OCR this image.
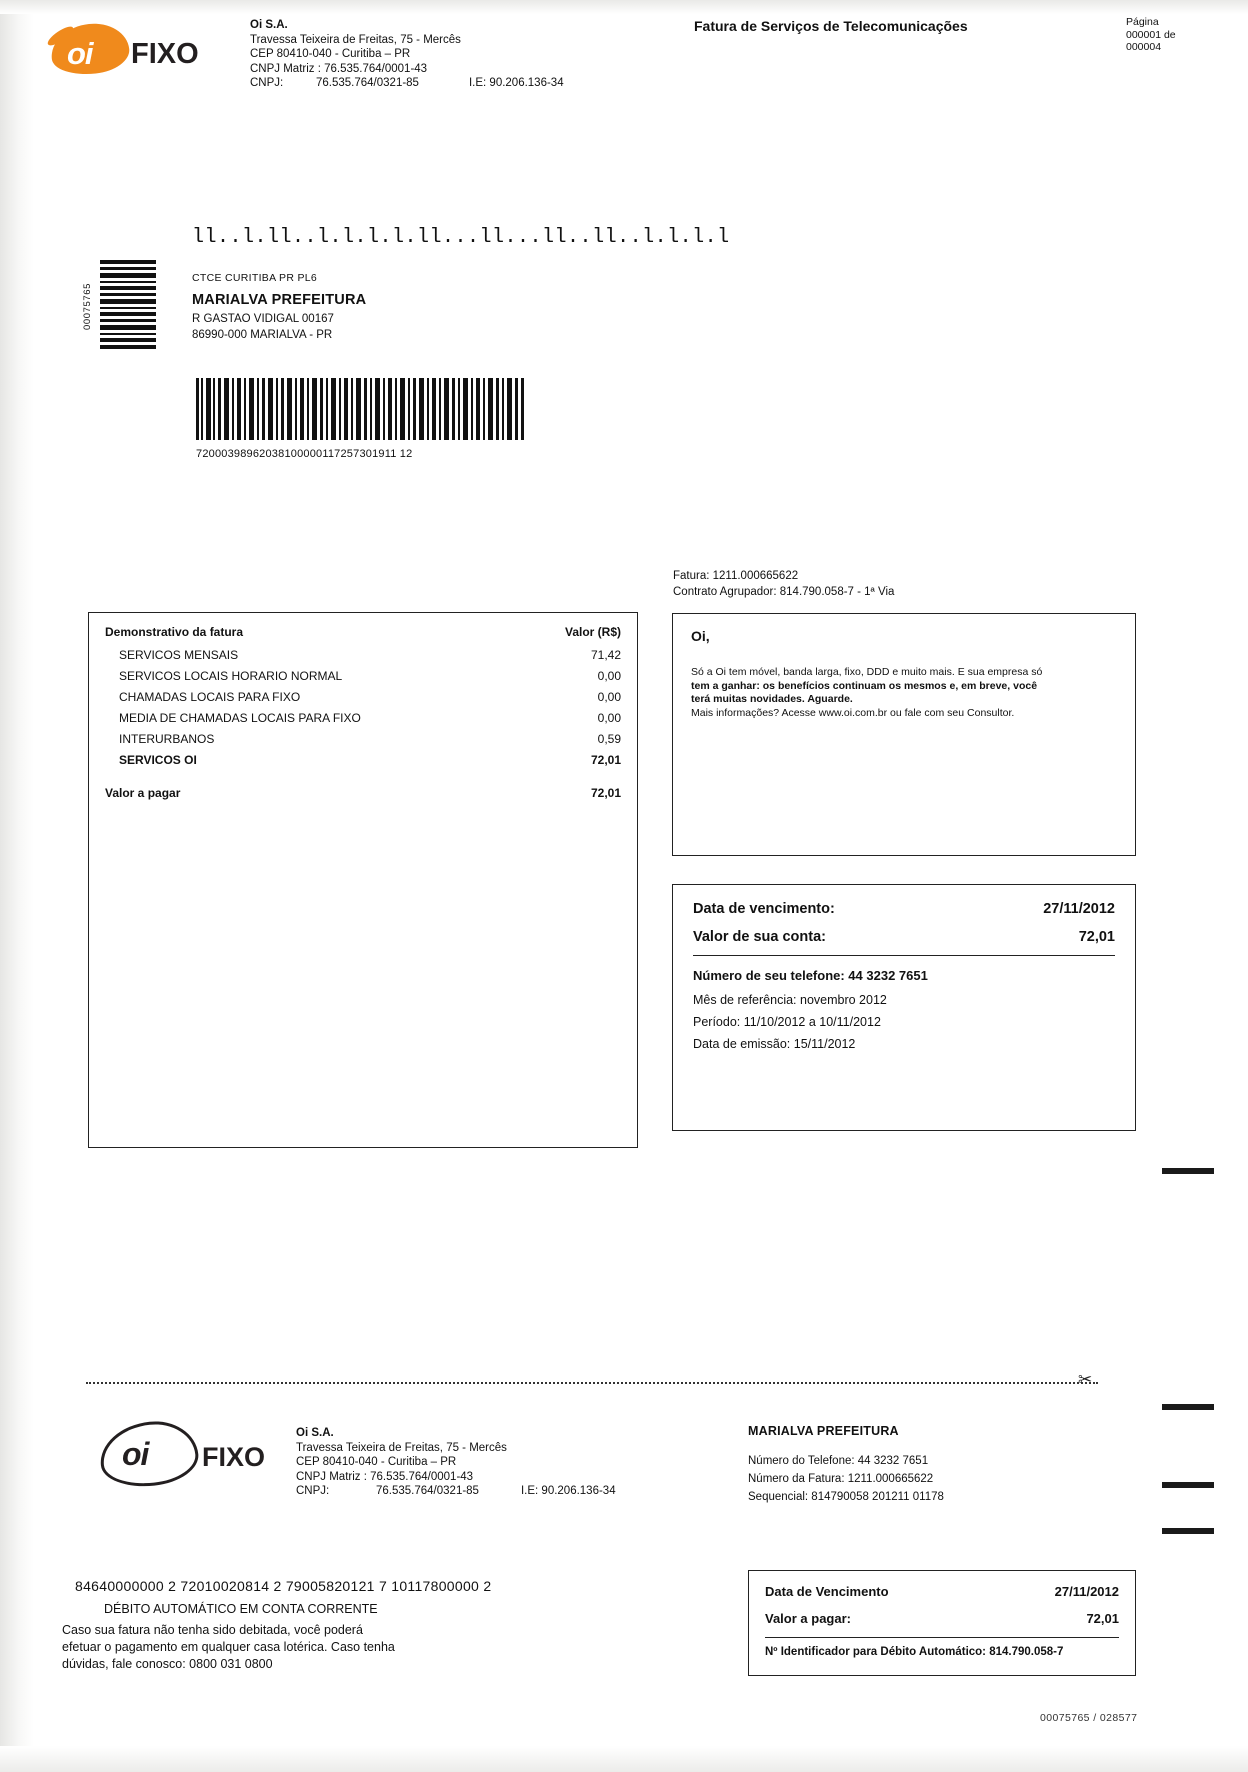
oi FIXO
Oi S.A.
Travessa Teixeira de Freitas, 75 - Mercês
CEP 80410-040 - Curitiba – PR
CNPJ Matriz : 76.535.764/0001-43
CNPJ:	76.535.764/0321-85	I.E: 90.206.136-34
Fatura de Serviços de Telecomunicações	Página
000001 de
000004
ll..l.ll..l.l.l.l.ll...ll...ll..ll..l.l.l.l
CTCE CURITIBA PR PL6
MARIALVA PREFEITURA
R GASTAO VIDIGAL 00167
86990-000 MARIALVA - PR
00075765
72000398962038100000117257301911 12
Fatura: 1211.000665622
Contrato Agrupador: 814.790.058-7 - 1ª Via
Demonstrativo da fatura	Valor (R$)
SERVICOS MENSAIS	71,42
SERVICOS LOCAIS HORARIO NORMAL	0,00
CHAMADAS LOCAIS PARA FIXO	0,00
MEDIA DE CHAMADAS LOCAIS PARA FIXO	0,00
INTERURBANOS	0,59
SERVICOS OI	72,01
Valor a pagar	72,01
Oi,
Só a Oi tem móvel, banda larga, fixo, DDD e muito mais. E sua empresa só
tem a ganhar: os benefícios continuam os mesmos e, em breve, você
terá muitas novidades. Aguarde.
Mais informações? Acesse www.oi.com.br ou fale com seu Consultor.
Data de vencimento:	27/11/2012
Valor de sua conta:	72,01
Número de seu telefone: 44 3232 7651
Mês de referência: novembro 2012
Período: 11/10/2012 a 10/11/2012
Data de emissão: 15/11/2012
✂
oi FIXO
Oi S.A.
Travessa Teixeira de Freitas, 75 - Mercês
CEP 80410-040 - Curitiba – PR
CNPJ Matriz : 76.535.764/0001-43
CNPJ:	76.535.764/0321-85	I.E: 90.206.136-34
MARIALVA PREFEITURA
Número do Telefone: 44 3232 7651
Número da Fatura: 1211.000665622
Sequencial: 814790058 201211 01178
84640000000 2 72010020814 2 79005820121 7 10117800000 2
DÉBITO AUTOMÁTICO EM CONTA CORRENTE
Caso sua fatura não tenha sido debitada, você poderá
efetuar o pagamento em qualquer casa lotérica. Caso tenha
dúvidas, fale conosco: 0800 031 0800
Data de Vencimento	27/11/2012
Valor a pagar:	72,01
Nº Identificador para Débito Automático: 814.790.058-7
00075765 / 028577
